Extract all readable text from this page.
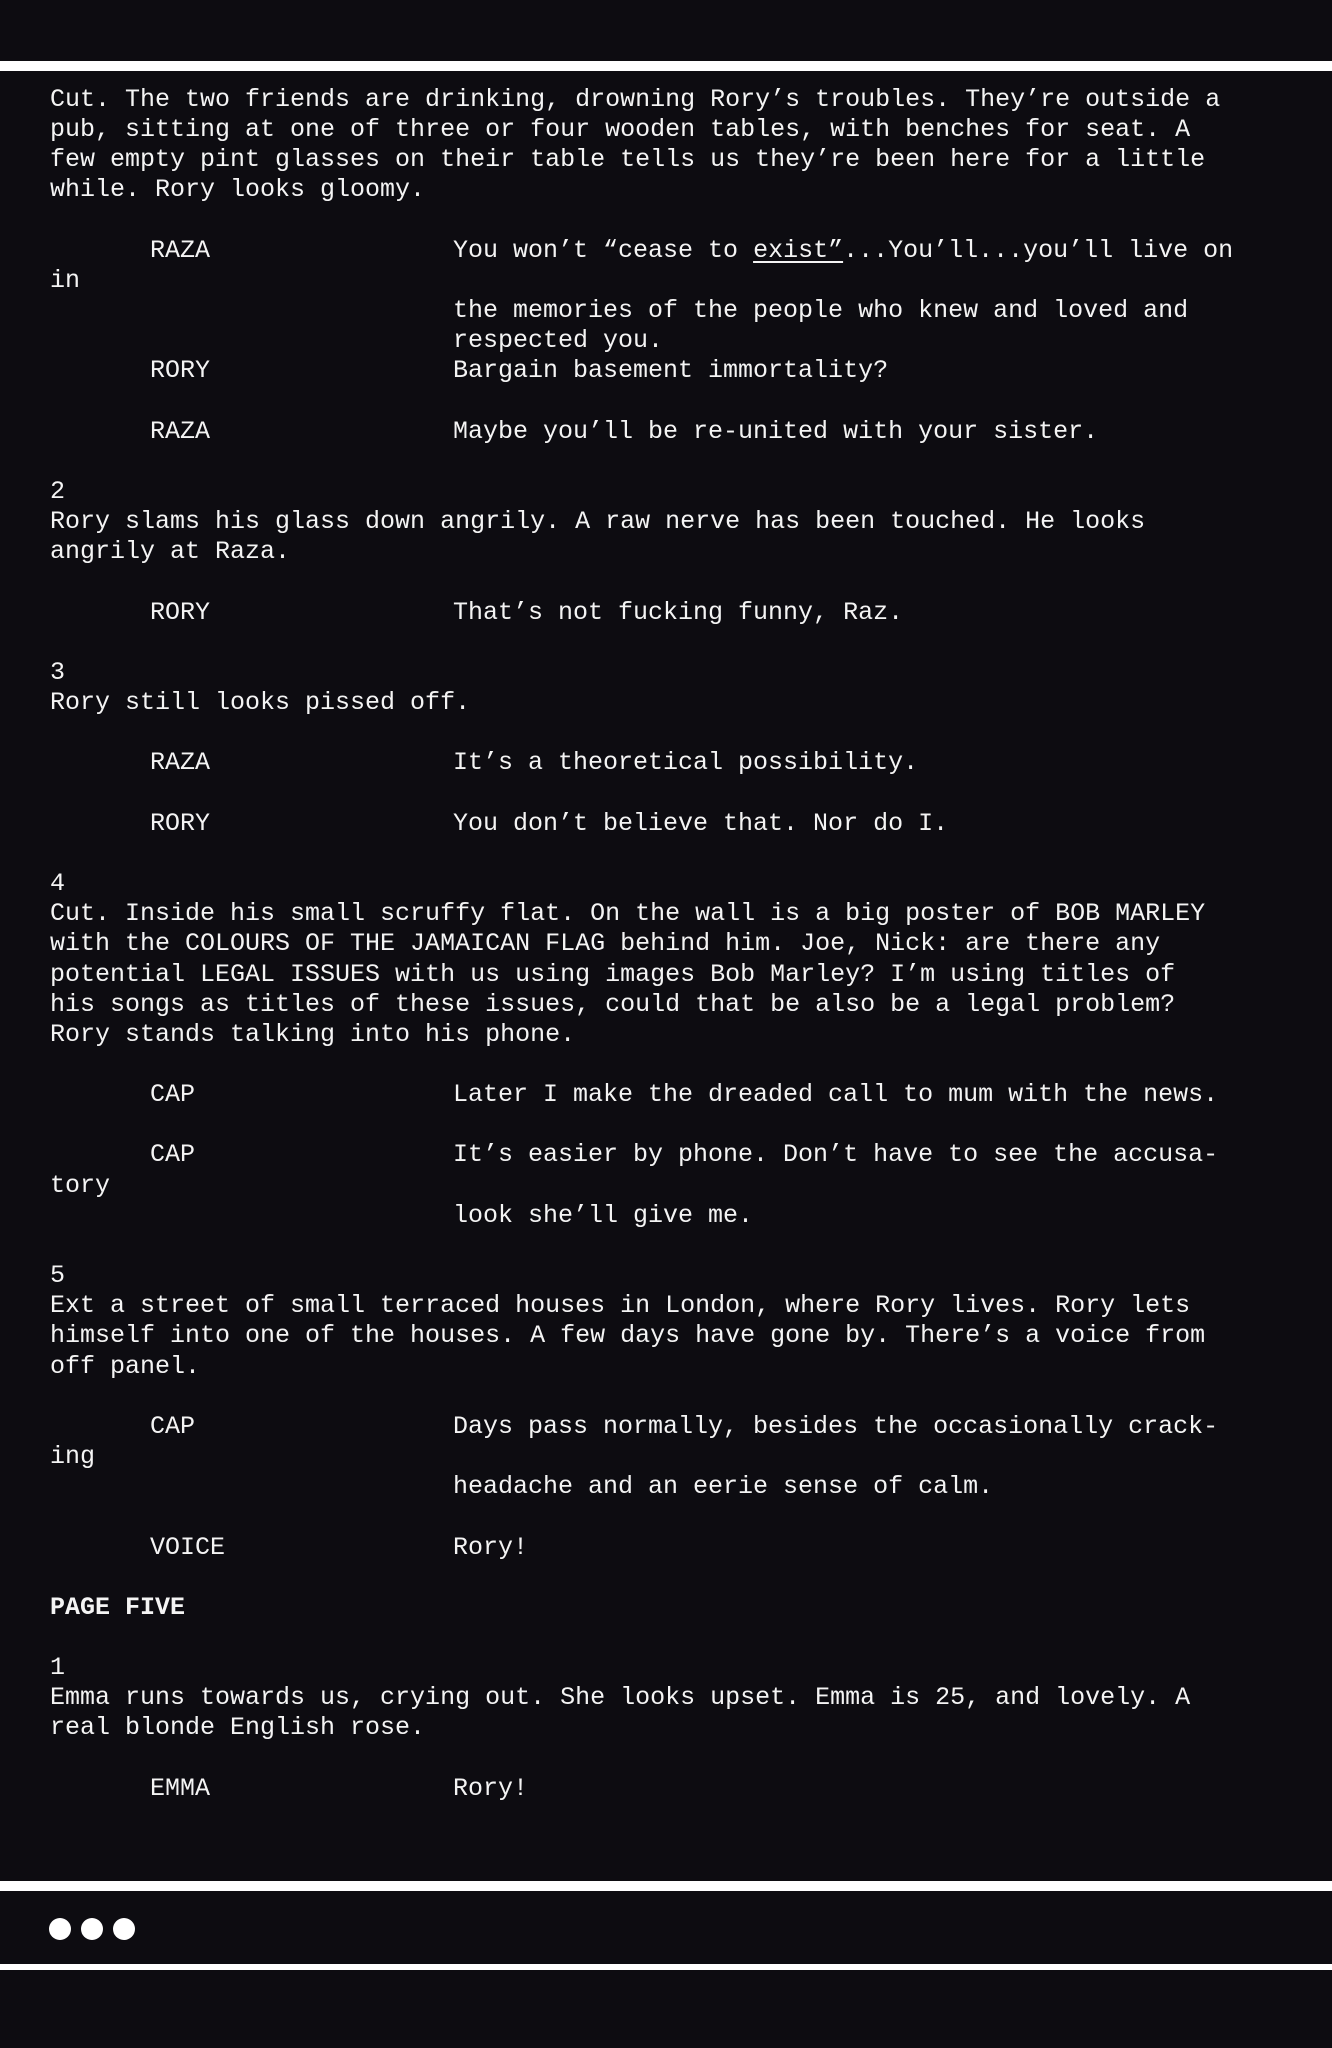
Cut. The two friends are drinking, drowning Rory’s troubles. They’re outside a
pub, sitting at one of three or four wooden tables, with benches for seat. A
few empty pint glasses on their table tells us they’re been here for a little
while. Rory looks gloomy.
RAZA	You won’t “cease to exist”...You’ll...you’ll live on
in
the memories of the people who knew and loved and
respected you.
RORY	Bargain basement immortality?
RAZA	Maybe you’ll be re-united with your sister.
2
Rory slams his glass down angrily. A raw nerve has been touched. He looks
angrily at Raza.
RORY	That’s not fucking funny, Raz.
3
Rory still looks pissed off.
RAZA	It’s a theoretical possibility.
RORY	You don’t believe that. Nor do I.
4
Cut. Inside his small scruffy flat. On the wall is a big poster of BOB MARLEY
with the COLOURS OF THE JAMAICAN FLAG behind him. Joe, Nick: are there any
potential LEGAL ISSUES with us using images Bob Marley? I’m using titles of
his songs as titles of these issues, could that be also be a legal problem?
Rory stands talking into his phone.
CAP	Later I make the dreaded call to mum with the news.
CAP	It’s easier by phone. Don’t have to see the accusa-
tory
look she’ll give me.
5
Ext a street of small terraced houses in London, where Rory lives. Rory lets
himself into one of the houses. A few days have gone by. There’s a voice from
off panel.
CAP	Days pass normally, besides the occasionally crack-
ing
headache and an eerie sense of calm.
VOICE	Rory!
PAGE FIVE
1
Emma runs towards us, crying out. She looks upset. Emma is 25, and lovely. A
real blonde English rose.
EMMA	Rory!
